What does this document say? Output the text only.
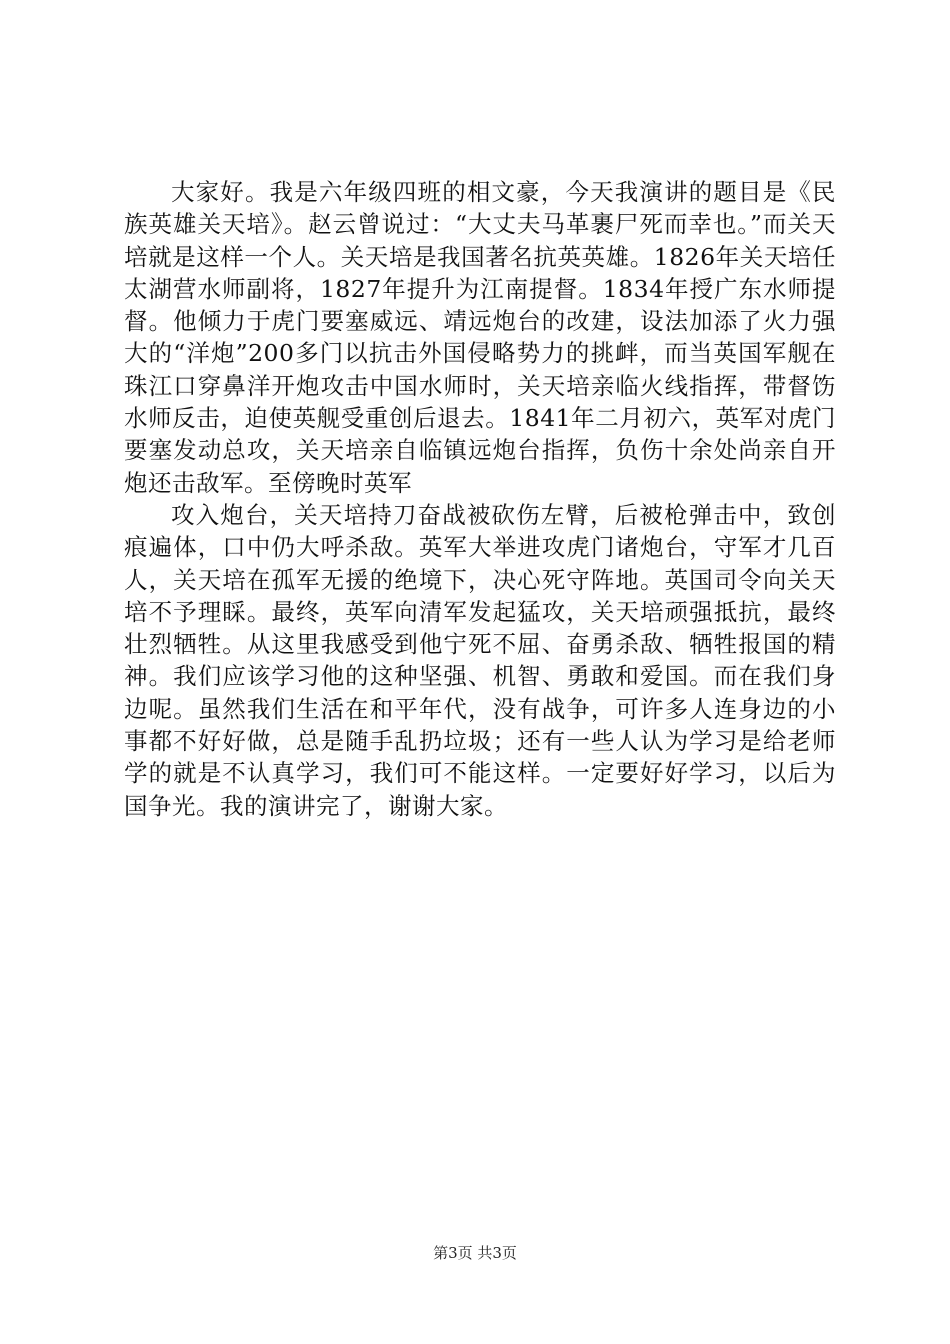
大家好。我是六年级四班的相文豪，今天我演讲的题目是《民族英雄关天培》。赵云曾说过：“大丈夫马革裹尸死而幸也。”而关天培就是这样一个人。关天培是我国著名抗英英雄。1826年关天培任太湖营水师副将，1827年提升为江南提督。1834年授广东水师提督。他倾力于虎门要塞威远、靖远炮台的改建，设法加添了火力强大的“洋炮”200多门以抗击外国侵略势力的挑衅，而当英国军舰在珠江口穿鼻洋开炮攻击中国水师时，关天培亲临火线指挥，带督饬水师反击，迫使英舰受重创后退去。1841年二月初六，英军对虎门要塞发动总攻，关天培亲自临镇远炮台指挥，负伤十余处尚亲自开炮还击敌军。至傍晚时英军

攻入炮台，关天培持刀奋战被砍伤左臂，后被枪弹击中，致创痕遍体，口中仍大呼杀敌。英军大举进攻虎门诸炮台，守军才几百人，关天培在孤军无援的绝境下，决心死守阵地。英国司令向关天培不予理睬。最终，英军向清军发起猛攻，关天培顽强抵抗，最终壮烈牺牲。从这里我感受到他宁死不屈、奋勇杀敌、牺牲报国的精神。我们应该学习他的这种坚强、机智、勇敢和爱国。而在我们身边呢。虽然我们生活在和平年代，没有战争，可许多人连身边的小事都不好好做，总是随手乱扔垃圾；还有一些人认为学习是给老师学的就是不认真学习，我们可不能这样。一定要好好学习，以后为国争光。我的演讲完了，谢谢大家。

第3页 共3页
